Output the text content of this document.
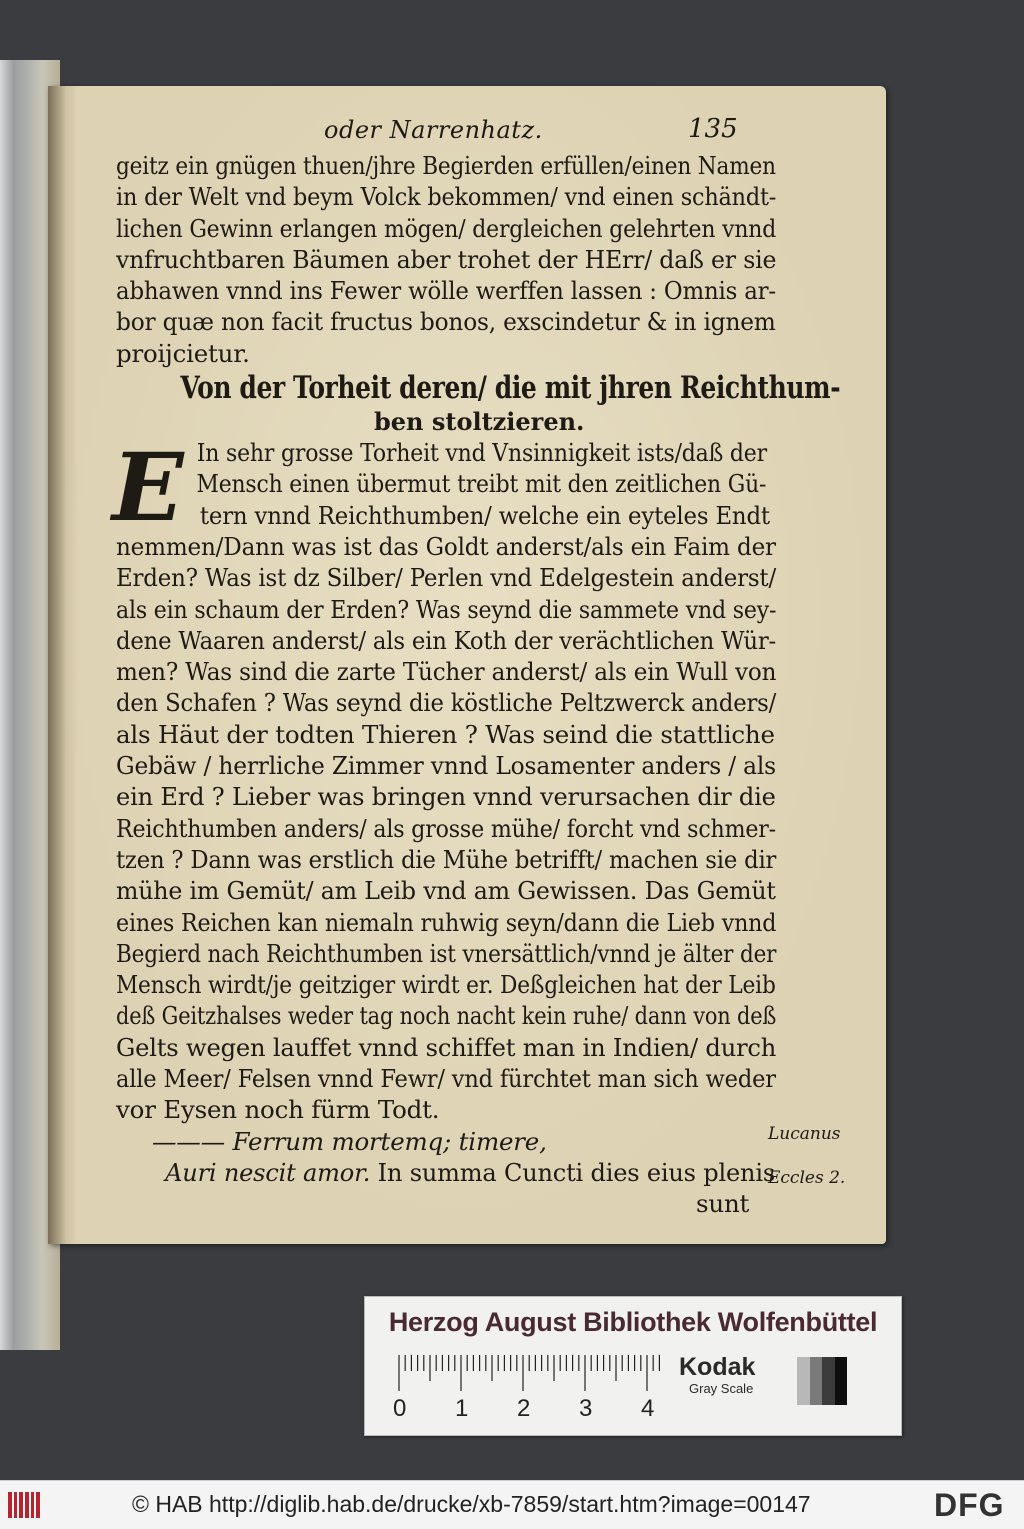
oder Narrenhatz.	135
geitz ein gnügen thuen/jhre Begierden erfüllen/einen Namen
in der Welt vnd beym Volck bekommen/ vnd einen schändt-
lichen Gewinn erlangen mögen/ dergleichen gelehrten vnnd
vnfruchtbaren Bäumen aber trohet der HErr/ daß er sie
abhawen vnnd ins Fewer wölle werffen lassen : Omnis ar-
bor quæ non facit fructus bonos, exscindetur & in ignem
proijcietur.
Von der Torheit deren/ die mit jhren Reichthum-
ben stoltzieren.
E In sehr grosse Torheit vnd Vnsinnigkeit ists/daß der
Mensch einen übermut treibt mit den zeitlichen Gü-
tern vnnd Reichthumben/ welche ein eyteles Endt
nemmen/Dann was ist das Goldt anderst/als ein Faim der
Erden? Was ist dz Silber/ Perlen vnd Edelgestein anderst/
als ein schaum der Erden? Was seynd die sammete vnd sey-
dene Waaren anderst/ als ein Koth der verächtlichen Wür-
men? Was sind die zarte Tücher anderst/ als ein Wull von
den Schafen ? Was seynd die köstliche Peltzwerck anders/
als Häut der todten Thieren ? Was seind die stattliche
Gebäw / herrliche Zimmer vnnd Losamenter anders / als
ein Erd ? Lieber was bringen vnnd verursachen dir die
Reichthumben anders/ als grosse mühe/ forcht vnd schmer-
tzen ? Dann was erstlich die Mühe betrifft/ machen sie dir
mühe im Gemüt/ am Leib vnd am Gewissen. Das Gemüt
eines Reichen kan niemaln ruhwig seyn/dann die Lieb vnnd
Begierd nach Reichthumben ist vnersättlich/vnnd je älter der
Mensch wirdt/je geitziger wirdt er. Deßgleichen hat der Leib
deß Geitzhalses weder tag noch nacht kein ruhe/ dann von deß
Gelts wegen lauffet vnnd schiffet man in Indien/ durch
alle Meer/ Felsen vnnd Fewr/ vnd fürchtet man sich weder
vor Eysen noch fürm Todt.
——— Ferrum mortemq; timere,
Auri nescit amor. In summa Cuncti dies eius plenis
sunt
Lucanus
Eccles 2.
Herzog August Bibliothek Wolfenbüttel
0 1 2 3 4
Kodak
Gray Scale
© HAB http://diglib.hab.de/drucke/xb-7859/start.htm?image=00147	DFG
